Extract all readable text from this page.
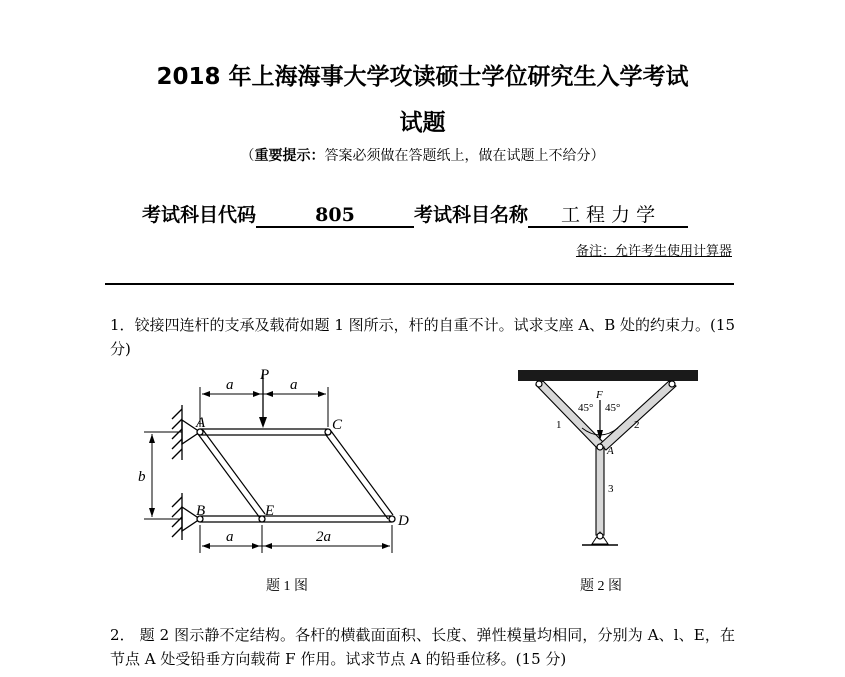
2018 年上海海事大学攻读硕士学位研究生入学考试
试题
（重要提示：答案必须做在答题纸上，做在试题上不给分）
考试科目代码	805	考试科目名称 工 程 力 学
备注：允许考生使用计算器
1．铰接四连杆的支承及载荷如题 1 图所示，杆的自重不计。试求支座 A、B 处的约束力。(15 分)
P
a	a
A	C
b
B	E
D
a	2a
题 1 图
F
45° 45°
1	2
A
3
题 2 图
2． 题 2 图示静不定结构。各杆的横截面面积、长度、弹性模量均相同，分别为 A、l、E，在节点 A 处受铅垂方向载荷 F 作用。试求节点 A 的铅垂位移。(15 分)
